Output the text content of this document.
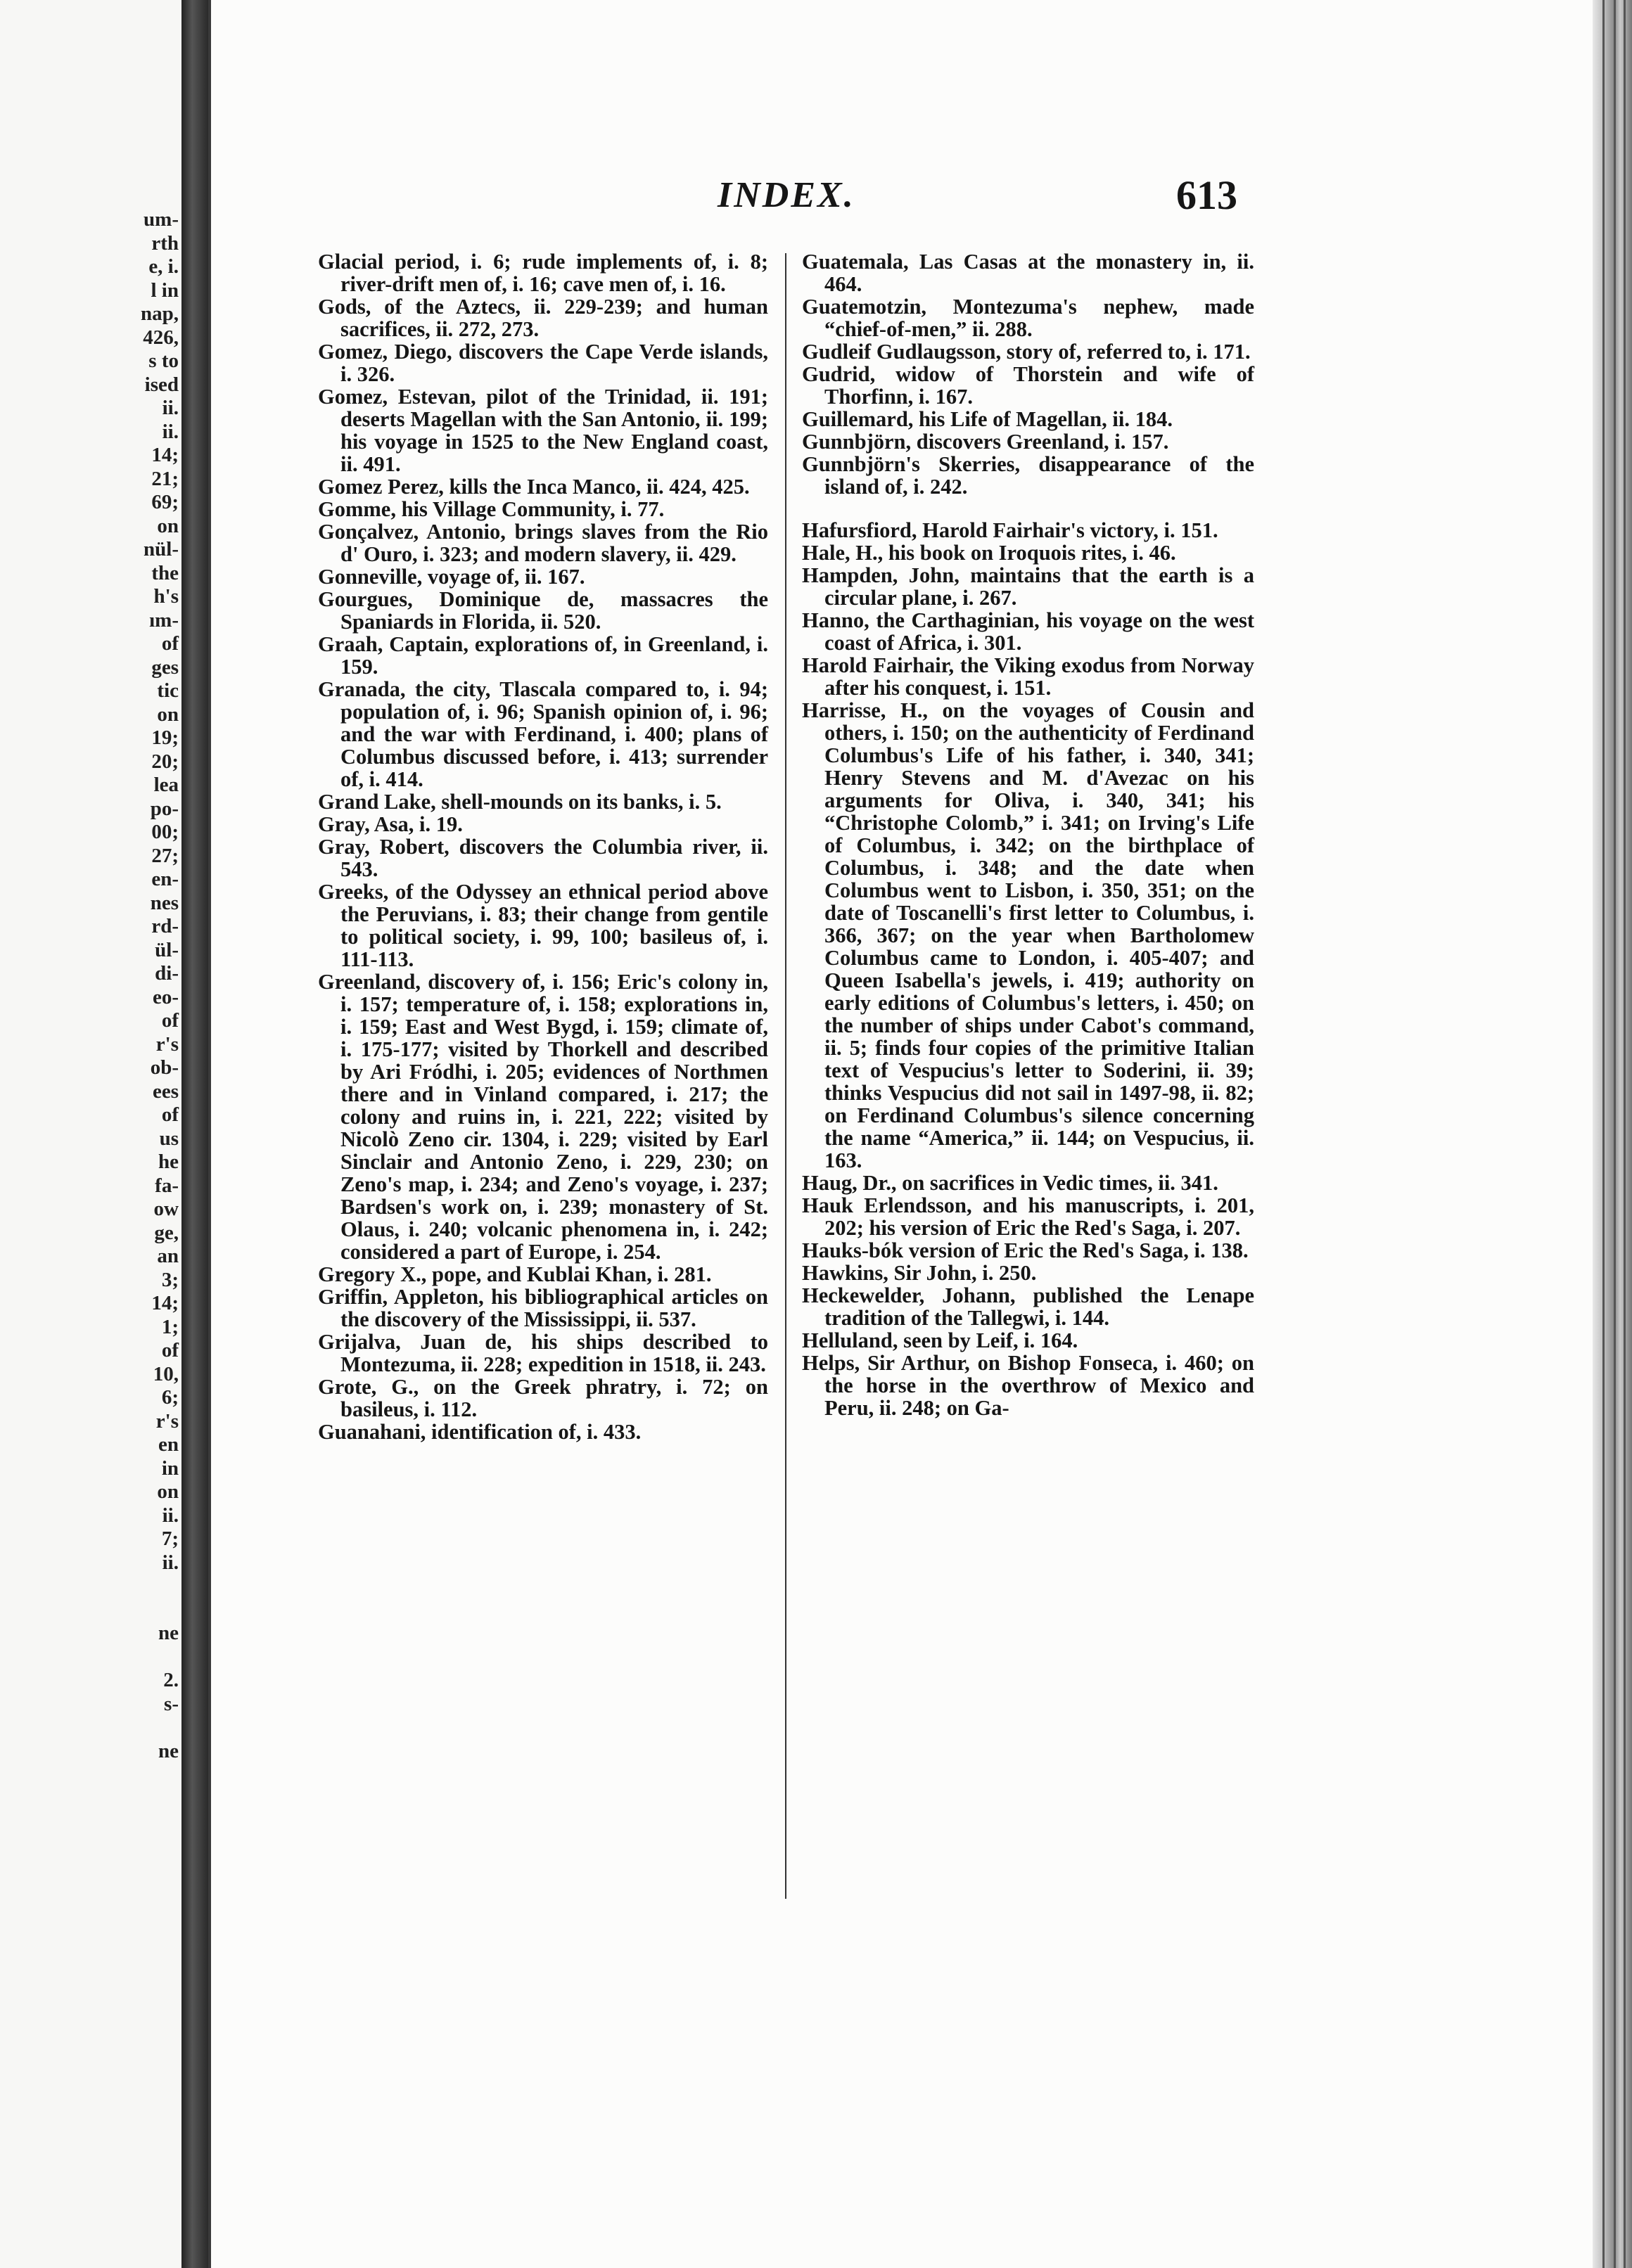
um-
rth
e, i.
l in
nap,
426,
s to
ised
ii.
ii.
14;
21;
69;
on
nül-
the
h's
ım-
of
ges
tic
on
19;
20;
lea
po-
00;
27;
en-
nes
rd-
ül-
di-
eo-
of
r's
ob-
ees
of
us
he
fa-
ow
ge,
an
3;
14;
1;
of
10,
6;
r's
en
in
on
ii.
7;
ii.

ne

2.
s-

ne
INDEX.	613

Glacial period, i. 6; rude implements of, i. 8; river-drift men of, i. 16; cave men of, i. 16.

Gods, of the Aztecs, ii. 229-239; and human sacrifices, ii. 272, 273.

Gomez, Diego, discovers the Cape Verde islands, i. 326.

Gomez, Estevan, pilot of the Trinidad, ii. 191; deserts Magellan with the San Antonio, ii. 199; his voyage in 1525 to the New England coast, ii. 491.

Gomez Perez, kills the Inca Manco, ii. 424, 425.

Gomme, his Village Community, i. 77.

Gonçalvez, Antonio, brings slaves from the Rio d' Ouro, i. 323; and modern slavery, ii. 429.

Gonneville, voyage of, ii. 167.

Gourgues, Dominique de, massacres the Spaniards in Florida, ii. 520.

Graah, Captain, explorations of, in Greenland, i. 159.

Granada, the city, Tlascala compared to, i. 94; population of, i. 96; Spanish opinion of, i. 96; and the war with Ferdinand, i. 400; plans of Columbus discussed before, i. 413; surrender of, i. 414.

Grand Lake, shell-mounds on its banks, i. 5.

Gray, Asa, i. 19.

Gray, Robert, discovers the Columbia river, ii. 543.

Greeks, of the Odyssey an ethnical period above the Peruvians, i. 83; their change from gentile to political society, i. 99, 100; basileus of, i. 111-113.

Greenland, discovery of, i. 156; Eric's colony in, i. 157; temperature of, i. 158; explorations in, i. 159; East and West Bygd, i. 159; climate of, i. 175-177; visited by Thorkell and described by Ari Fródhi, i. 205; evidences of Northmen there and in Vinland compared, i. 217; the colony and ruins in, i. 221, 222; visited by Nicolò Zeno cir. 1304, i. 229; visited by Earl Sinclair and Antonio Zeno, i. 229, 230; on Zeno's map, i. 234; and Zeno's voyage, i. 237; Bardsen's work on, i. 239; monastery of St. Olaus, i. 240; volcanic phenomena in, i. 242; considered a part of Europe, i. 254.

Gregory X., pope, and Kublai Khan, i. 281.

Griffin, Appleton, his bibliographical articles on the discovery of the Mississippi, ii. 537.

Grijalva, Juan de, his ships described to Montezuma, ii. 228; expedition in 1518, ii. 243.

Grote, G., on the Greek phratry, i. 72; on basileus, i. 112.

Guanahani, identification of, i. 433.

Guatemala, Las Casas at the monastery in, ii. 464.

Guatemotzin, Montezuma's nephew, made “chief-of-men,” ii. 288.

Gudleif Gudlaugsson, story of, referred to, i. 171.

Gudrid, widow of Thorstein and wife of Thorfinn, i. 167.

Guillemard, his Life of Magellan, ii. 184.

Gunnbjörn, discovers Greenland, i. 157.

Gunnbjörn's Skerries, disappearance of the island of, i. 242.

Hafursfiord, Harold Fairhair's victory, i. 151.

Hale, H., his book on Iroquois rites, i. 46.

Hampden, John, maintains that the earth is a circular plane, i. 267.

Hanno, the Carthaginian, his voyage on the west coast of Africa, i. 301.

Harold Fairhair, the Viking exodus from Norway after his conquest, i. 151.

Harrisse, H., on the voyages of Cousin and others, i. 150; on the authenticity of Ferdinand Columbus's Life of his father, i. 340, 341; Henry Stevens and M. d'Avezac on his arguments for Oliva, i. 340, 341; his “Christophe Colomb,” i. 341; on Irving's Life of Columbus, i. 342; on the birthplace of Columbus, i. 348; and the date when Columbus went to Lisbon, i. 350, 351; on the date of Toscanelli's first letter to Columbus, i. 366, 367; on the year when Bartholomew Columbus came to London, i. 405-407; and Queen Isabella's jewels, i. 419; authority on early editions of Columbus's letters, i. 450; on the number of ships under Cabot's command, ii. 5; finds four copies of the primitive Italian text of Vespucius's letter to Soderini, ii. 39; thinks Vespucius did not sail in 1497-98, ii. 82; on Ferdinand Columbus's silence concerning the name “America,” ii. 144; on Vespucius, ii. 163.

Haug, Dr., on sacrifices in Vedic times, ii. 341.

Hauk Erlendsson, and his manuscripts, i. 201, 202; his version of Eric the Red's Saga, i. 207.

Hauks-bók version of Eric the Red's Saga, i. 138.

Hawkins, Sir John, i. 250.

Heckewelder, Johann, published the Lenape tradition of the Tallegwi, i. 144.

Helluland, seen by Leif, i. 164.

Helps, Sir Arthur, on Bishop Fonseca, i. 460; on the horse in the overthrow of Mexico and Peru, ii. 248; on Ga-
